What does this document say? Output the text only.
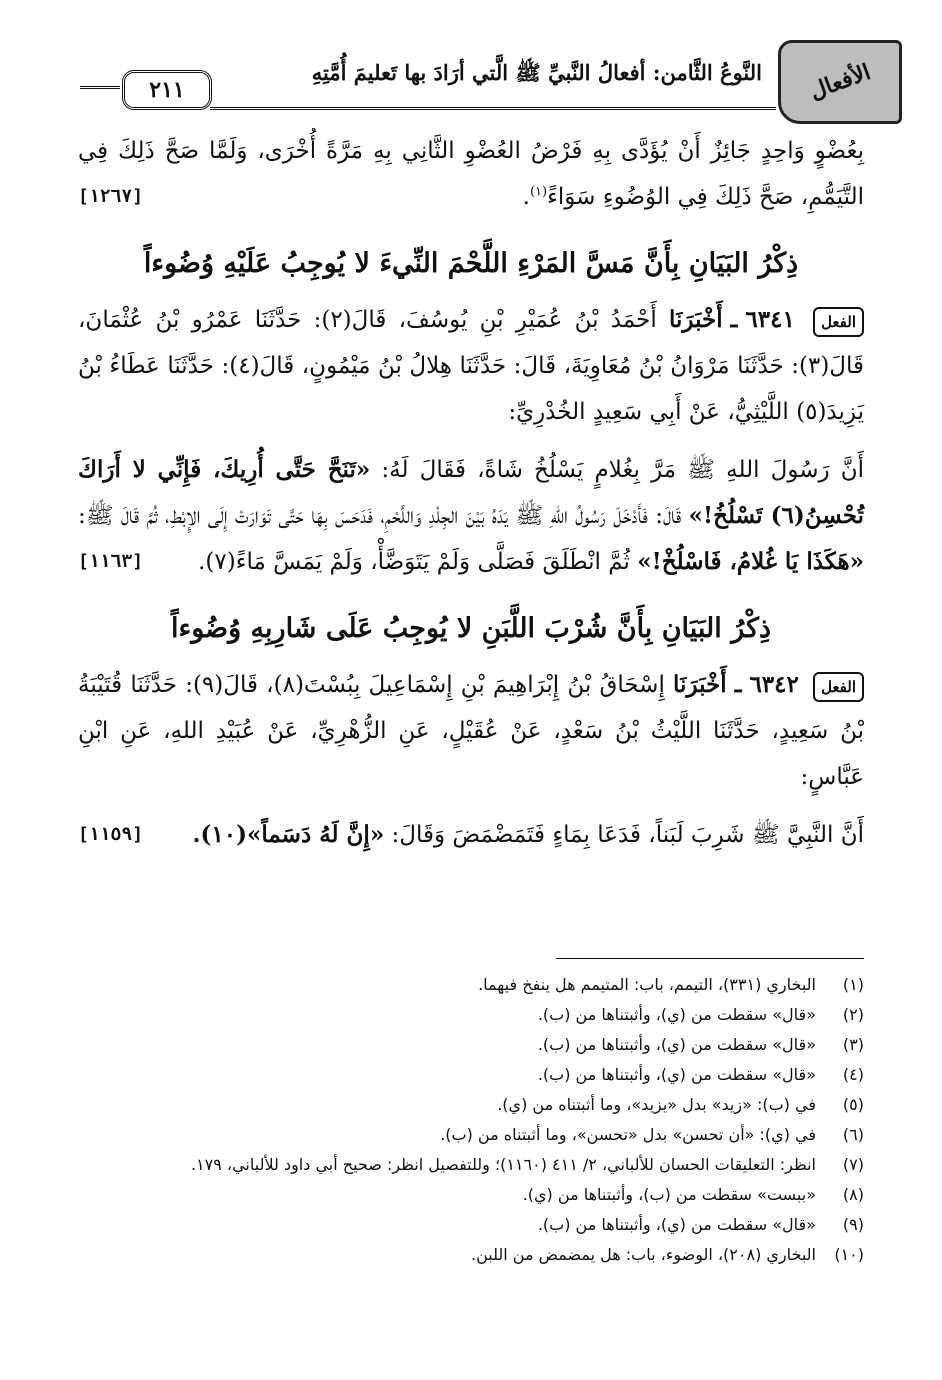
الأفعال
النَّوعُ الثَّامن: أفعالُ النَّبيِّ ﷺ الَّتي أرَادَ بها تَعليمَ أُمَّتِهِ
٢١١

بِعُضْوٍ وَاحِدٍ جَائِزٌ أَنْ يُؤَدَّى بِهِ فَرْضُ العُضْوِ الثَّانِي بِهِ مَرَّةً أُخْرَى، وَلَمَّا صَحَّ ذَلِكَ فِي التَّيَمُّمِ، صَحَّ ذَلِكَ فِي الوُضُوءِ سَوَاءً$^{(١)}$.
[١٢٦٧]

ذِكْرُ البَيَانِ بِأَنَّ مَسَّ المَرْءِ اللَّحْمَ النِّيءَ لا يُوجِبُ عَلَيْهِ وُضُوءاً

الفعل ٦٣٤١ ـ أَخْبَرَنَا أَحْمَدُ بْنُ عُمَيْرِ بْنِ يُوسُفَ، قَالَ(٢): حَدَّثَنَا عَمْرُو بْنُ عُثْمَانَ، قَالَ(٣): حَدَّثَنَا مَرْوَانُ بْنُ مُعَاوِيَةَ، قَالَ: حَدَّثَنَا هِلالُ بْنُ مَيْمُونٍ، قَالَ(٤): حَدَّثَنَا عَطَاءُ بْنُ يَزِيدَ(٥) اللَّيْثِيُّ، عَنْ أَبِي سَعِيدٍ الخُدْرِيِّ:

أَنَّ رَسُولَ اللهِ ﷺ مَرَّ بِغُلامٍ يَسْلُخُ شَاةً، فَقَالَ لَهُ: «تَنَحَّ حَتَّى أُرِيكَ، فَإِنِّي لا أَرَاكَ تُحْسِنُ(٦) تَسْلُخُ!» قَالَ: فَأَدْخَلَ رَسُولُ اللهِ ﷺ يَدَهُ بَيْنَ الجِلْدِ وَاللَّحْمِ، فَدَحَسَ بِهَا حَتَّى تَوَارَتْ إِلَى الإِبْطِ، ثُمَّ قَالَ ﷺ: «هَكَذَا يَا غُلامُ، فَاسْلُخْ!» ثُمَّ انْطَلَقَ فَصَلَّى وَلَمْ يَتَوَضَّأْ، وَلَمْ يَمَسَّ مَاءً(٧).
[١١٦٣]

ذِكْرُ البَيَانِ بِأَنَّ شُرْبَ اللَّبَنِ لا يُوجِبُ عَلَى شَارِبِهِ وُضُوءاً

الفعل ٦٣٤٢ ـ أَخْبَرَنَا إِسْحَاقُ بْنُ إِبْرَاهِيمَ بْنِ إِسْمَاعِيلَ بِبُسْتَ(٨)، قَالَ(٩): حَدَّثَنَا قُتَيْبَةُ بْنُ سَعِيدٍ، حَدَّثَنَا اللَّيْثُ بْنُ سَعْدٍ، عَنْ عُقَيْلٍ، عَنِ الزُّهْرِيِّ، عَنْ عُبَيْدِ اللهِ، عَنِ ابْنِ عَبَّاسٍ:

أَنَّ النَّبِيَّ ﷺ شَرِبَ لَبَناً، فَدَعَا بِمَاءٍ فَتَمَضْمَضَ وَقَالَ: «إِنَّ لَهُ دَسَماً»(١٠).
[١١٥٩]

(١)
البخاري (٣٣١)، التيمم، باب: المتيمم هل ينفخ فيهما.
(٢)
«قال» سقطت من (ي)، وأثبتناها من (ب).
(٣)
«قال» سقطت من (ي)، وأثبتناها من (ب).
(٤)
«قال» سقطت من (ي)، وأثبتناها من (ب).
(٥)
في (ب): «زيد» بدل «يزيد»، وما أثبتناه من (ي).
(٦)
في (ي): «أن تحسن» بدل «تحسن»، وما أثبتناه من (ب).
(٧)
انظر: التعليقات الحسان للألباني، ٢/ ٤١١ (١١٦٠)؛ وللتفصيل انظر: صحيح أبي داود للألباني، ١٧٩.
(٨)
«ببست» سقطت من (ب)، وأثبتناها من (ي).
(٩)
«قال» سقطت من (ي)، وأثبتناها من (ب).
(١٠)
البخاري (٢٠٨)، الوضوء، باب: هل يمضمض من اللبن.
